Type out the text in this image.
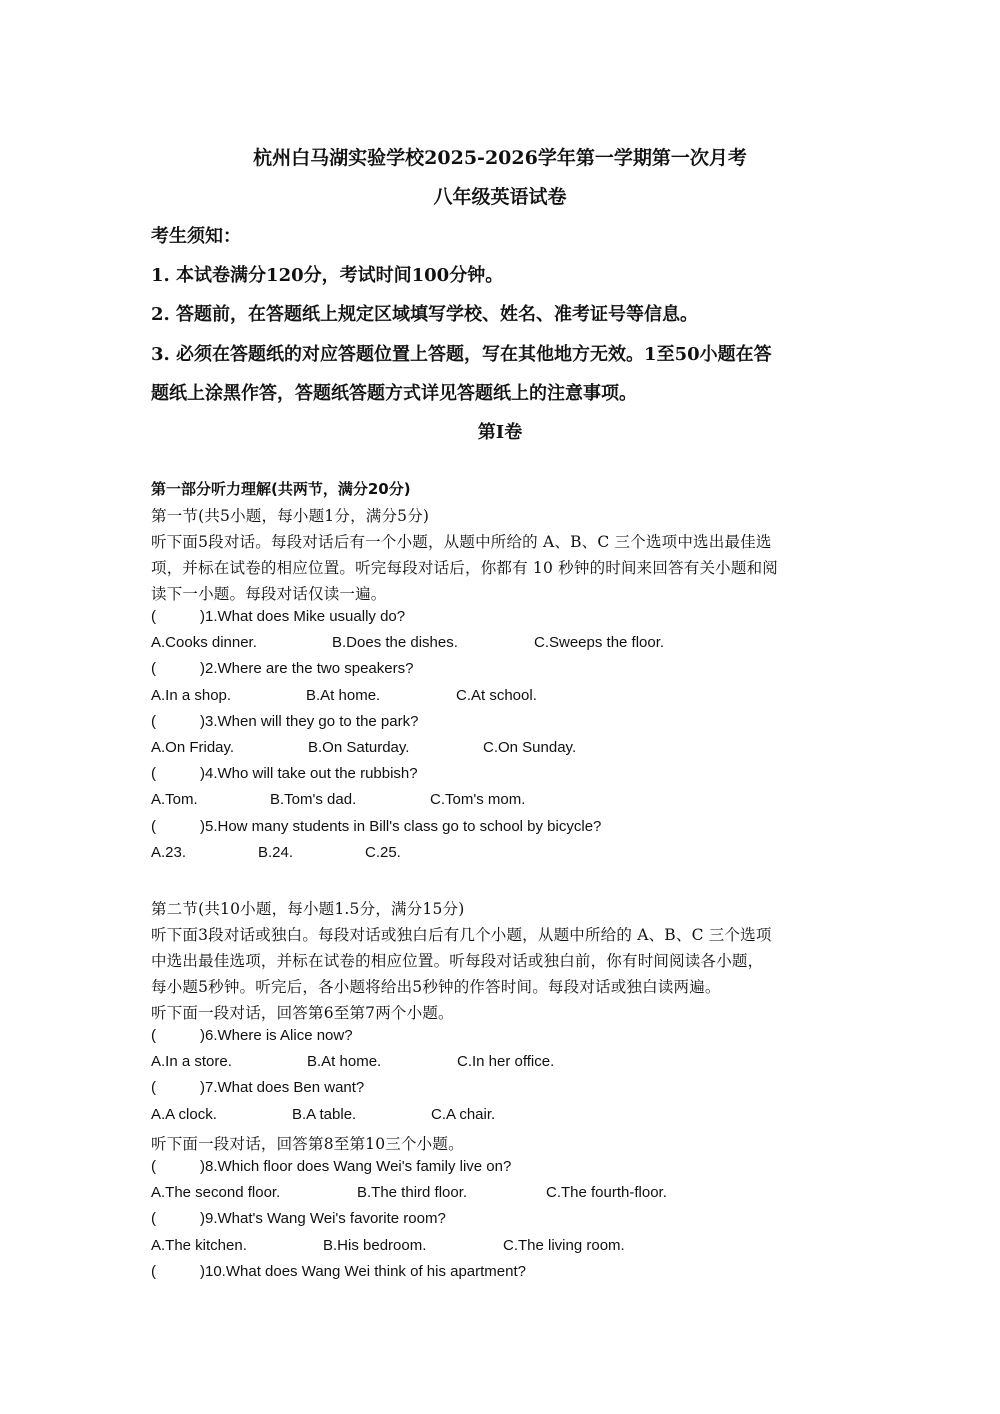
杭州白马湖实验学校2025-2026学年第一学期第一次月考
八年级英语试卷
考生须知：
1. 本试卷满分120分，考试时间100分钟。
2. 答题前，在答题纸上规定区域填写学校、姓名、准考证号等信息。
3. 必须在答题纸的对应答题位置上答题，写在其他地方无效。1至50小题在答
题纸上涂黑作答，答题纸答题方式详见答题纸上的注意事项。
第I卷
第一部分听力理解(共两节，满分20分)
第一节(共5小题，每小题1分，满分5分)
听下面5段对话。每段对话后有一个小题，从题中所给的 A、B、C 三个选项中选出最佳选
项，并标在试卷的相应位置。听完每段对话后，你都有 10 秒钟的时间来回答有关小题和阅
读下一小题。每段对话仅读一遍。
(	)1.What does Mike usually do?
A.Cooks dinner.	B.Does the dishes.	C.Sweeps the floor.
(	)2.Where are the two speakers?
A.In a shop.	B.At home.	C.At school.
(	)3.When will they go to the park?
A.On Friday.	B.On Saturday.	C.On Sunday.
(	)4.Who will take out the rubbish?
A.Tom.	B.Tom's dad.	C.Tom's mom.
(	)5.How many students in Bill's class go to school by bicycle?
A.23.	B.24.	C.25.
第二节(共10小题，每小题1.5分，满分15分)
听下面3段对话或独白。每段对话或独白后有几个小题，从题中所给的 A、B、C 三个选项
中选出最佳选项，并标在试卷的相应位置。听每段对话或独白前，你有时间阅读各小题，
每小题5秒钟。听完后，各小题将给出5秒钟的作答时间。每段对话或独白读两遍。
听下面一段对话，回答第6至第7两个小题。
(	)6.Where is Alice now?
A.In a store.	B.At home.	C.In her office.
(	)7.What does Ben want?
A.A clock.	B.A table.	C.A chair.
听下面一段对话，回答第8至第10三个小题。
(	)8.Which floor does Wang Wei's family live on?
A.The second floor.	B.The third floor.	C.The fourth-floor.
(	)9.What's Wang Wei's favorite room?
A.The kitchen.	B.His bedroom.	C.The living room.
(	)10.What does Wang Wei think of his apartment?
